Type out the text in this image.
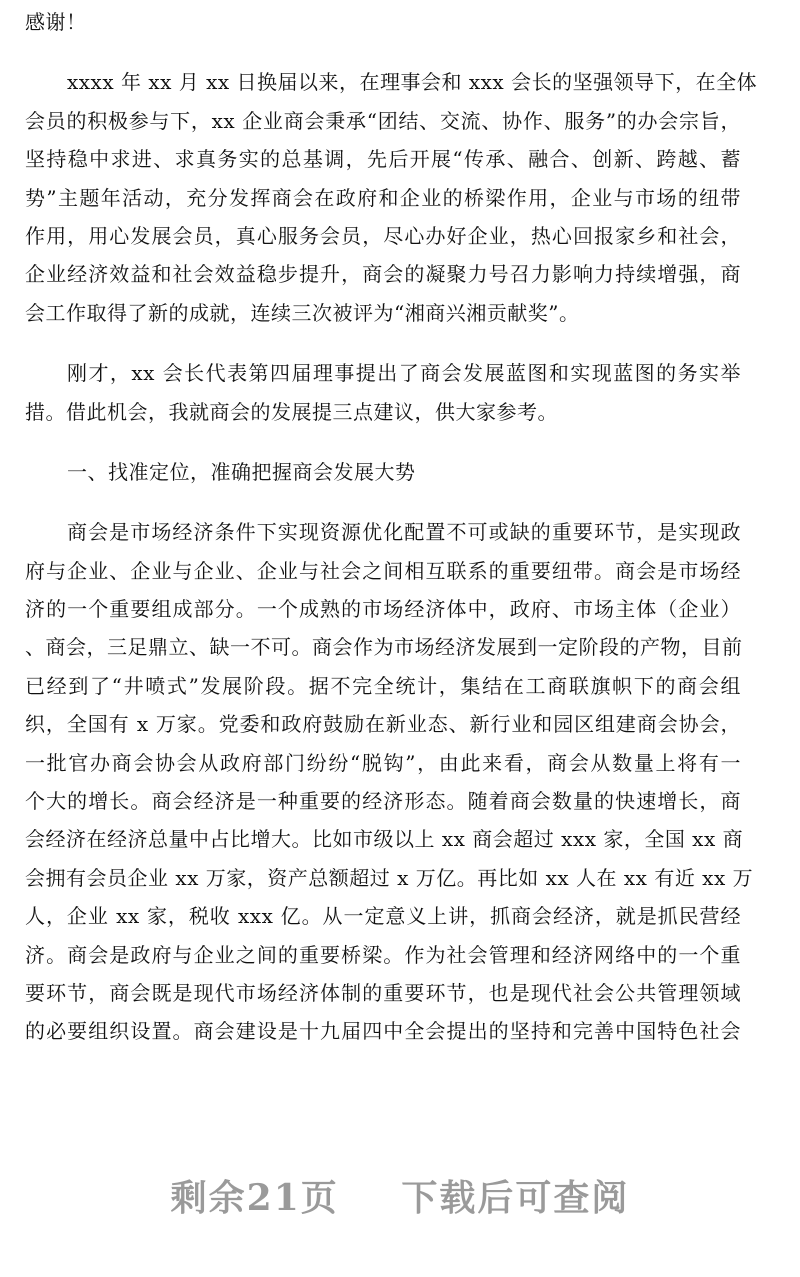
感谢！
xxxx 年 xx 月 xx 日换届以来，在理事会和 xxx 会长的坚强领导下，在全体
会员的积极参与下，xx 企业商会秉承“团结、交流、协作、服务”的办会宗旨，
坚持稳中求进、求真务实的总基调，先后开展“传承、融合、创新、跨越、蓄
势”主题年活动，充分发挥商会在政府和企业的桥梁作用，企业与市场的纽带
作用，用心发展会员，真心服务会员，尽心办好企业，热心回报家乡和社会，
企业经济效益和社会效益稳步提升，商会的凝聚力号召力影响力持续增强，商
会工作取得了新的成就，连续三次被评为“湘商兴湘贡献奖”。
刚才，xx 会长代表第四届理事提出了商会发展蓝图和实现蓝图的务实举
措。借此机会，我就商会的发展提三点建议，供大家参考。
一、找准定位，准确把握商会发展大势
商会是市场经济条件下实现资源优化配置不可或缺的重要环节，是实现政
府与企业、企业与企业、企业与社会之间相互联系的重要纽带。商会是市场经
济的一个重要组成部分。一个成熟的市场经济体中，政府、市场主体（企业）
、商会，三足鼎立、缺一不可。商会作为市场经济发展到一定阶段的产物，目前
已经到了“井喷式”发展阶段。据不完全统计，集结在工商联旗帜下的商会组
织，全国有 x 万家。党委和政府鼓励在新业态、新行业和园区组建商会协会，
一批官办商会协会从政府部门纷纷“脱钩”，由此来看，商会从数量上将有一
个大的增长。商会经济是一种重要的经济形态。随着商会数量的快速增长，商
会经济在经济总量中占比增大。比如市级以上 xx 商会超过 xxx 家，全国 xx 商
会拥有会员企业 xx 万家，资产总额超过 x 万亿。再比如 xx 人在 xx 有近 xx 万
人，企业 xx 家，税收 xxx 亿。从一定意义上讲，抓商会经济，就是抓民营经
济。商会是政府与企业之间的重要桥梁。作为社会管理和经济网络中的一个重
要环节，商会既是现代市场经济体制的重要环节，也是现代社会公共管理领域
的必要组织设置。商会建设是十九届四中全会提出的坚持和完善中国特色社会
剩余21页 下载后可查阅
